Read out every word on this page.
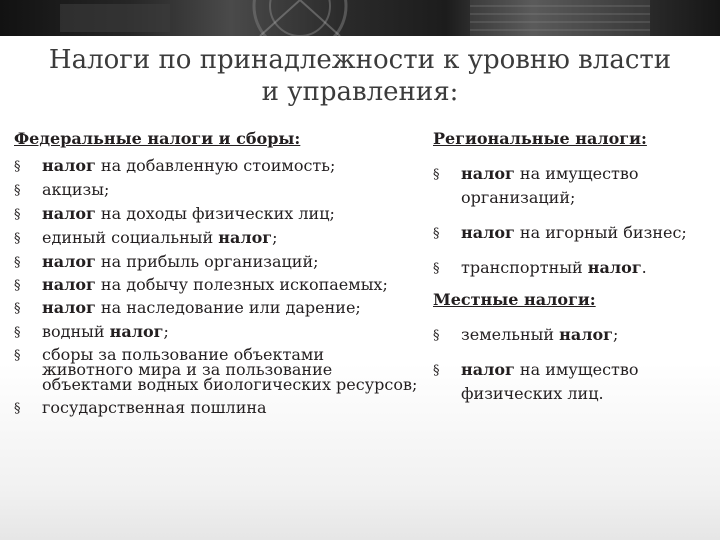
Налоги по принадлежности к уровню власти и управления:
Федеральные налоги и сборы:
§	налог на добавленную стоимость;
§	акцизы;
§	налог на доходы физических лиц;
§	единый социальный налог;
§	налог на прибыль организаций;
§	налог на добычу полезных ископаемых;
§	налог на наследование или дарение;
§	водный налог;
§	сборы за пользование объектами животного мира и за пользование объектами водных биологических ресурсов;
§	государственная пошлина
Региональные налоги:
§	налог на имущество организаций;
§	налог на игорный бизнес;
§	транспортный налог.
Местные налоги:
§	земельный налог;
§	налог на имущество физических лиц.
